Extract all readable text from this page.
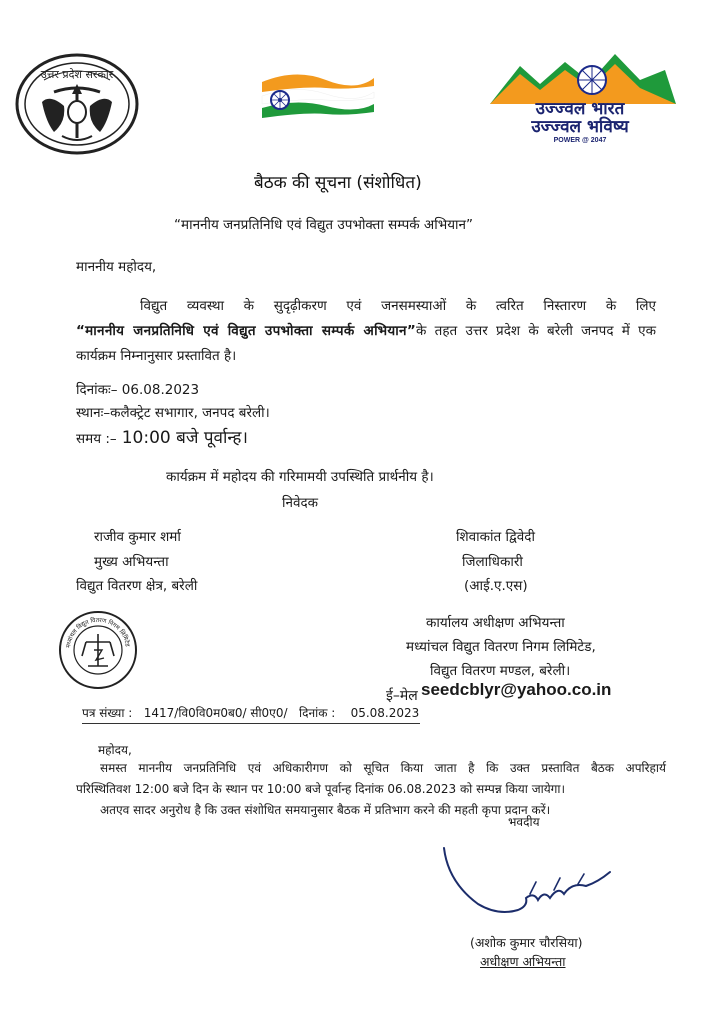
उत्तर प्रदेश सरकार
उज्ज्वल भारत
उज्ज्वल भविष्य
POWER @ 2047
बैठक की सूचना (संशोधित)
“माननीय जनप्रतिनिधि एवं विद्युत उपभोक्ता सम्पर्क अभियान”
माननीय महोदय,
विद्युत व्यवस्था के सुदृढ़ीकरण एवं जनसमस्याओं के त्वरित निस्तारण के लिए
“माननीय जनप्रतिनिधि एवं विद्युत उपभोक्ता सम्पर्क अभियान”के तहत उत्तर प्रदेश के बरेली जनपद में एक
कार्यक्रम निम्नानुसार प्रस्तावित है।
दिनांकः– 06.08.2023
स्थानः–कलैक्ट्रेट सभागार, जनपद बरेली।
समय :– 10:00 बजे पूर्वान्ह।
कार्यक्रम में महोदय की गरिमामयी उपस्थिति प्रार्थनीय है।
निवेदक
राजीव कुमार शर्मा
मुख्य अभियन्ता
विद्युत वितरण क्षेत्र, बरेली
शिवाकांत द्विवेदी
जिलाधिकारी
(आई.ए.एस)
मध्यांचल विद्युत वितरण निगम लिमिटेड
कार्यालय अधीक्षण अभियन्ता
मध्यांचल विद्युत वितरण निगम लिमिटेड,
विद्युत वितरण मण्डल, बरेली।
ई–मेल seedcblyr@yahoo.co.in
पत्र संख्या : 1417/वि0वि0म0ब0/ सी0ए0/ दिनांक : 05.08.2023
महोदय,
समस्त माननीय जनप्रतिनिधि एवं अधिकारीगण को सूचित किया जाता है कि उक्त प्रस्तावित बैठक अपरिहार्य
परिस्थितिवश 12:00 बजे दिन के स्थान पर 10:00 बजे पूर्वान्ह दिनांक 06.08.2023 को सम्पन्न किया जायेगा।
अतएव सादर अनुरोध है कि उक्त संशोधित समयानुसार बैठक में प्रतिभाग करने की महती कृपा प्रदान करें।
भवदीय
(अशोक कुमार चौरसिया)
अधीक्षण अभियन्ता
